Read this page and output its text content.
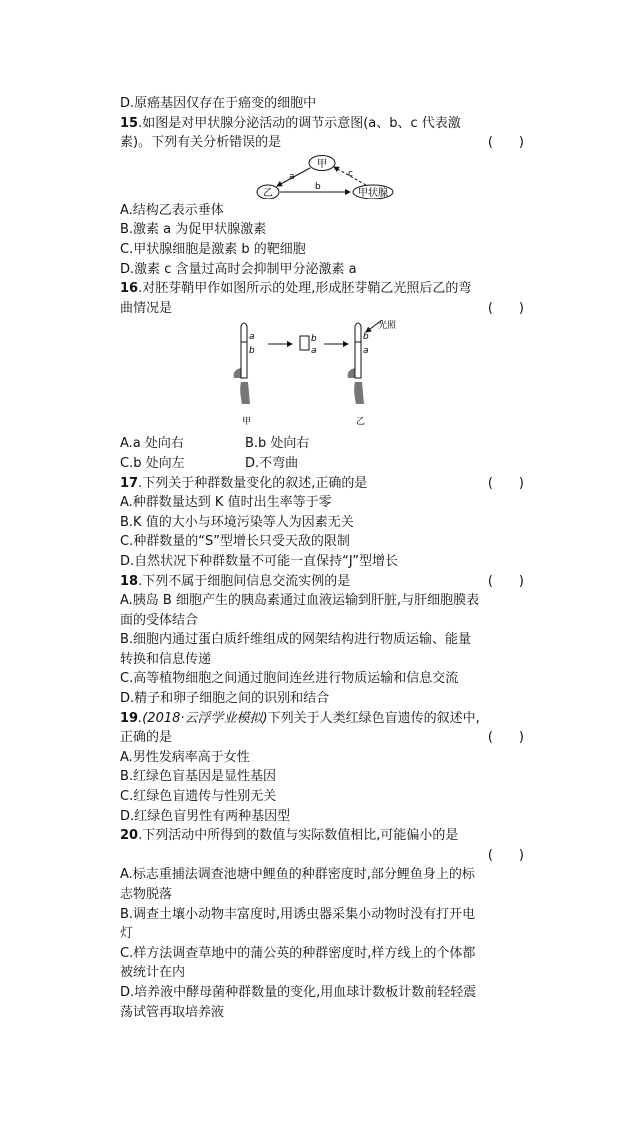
D.原癌基因仅存在于癌变的细胞中
15.如图是对甲状腺分泌活动的调节示意图(a、b、c 代表激
素)。下列有关分析错误的是	(　　)
甲
乙	甲状腺
a
b
c
A.结构乙表示垂体
B.激素 a 为促甲状腺激素
C.甲状腺细胞是激素 b 的靶细胞
D.激素 c 含量过高时会抑制甲分泌激素 a
16.对胚芽鞘甲作如图所示的处理,形成胚芽鞘乙光照后乙的弯
曲情况是	(　　)
a
b
甲
b
a
b
a
乙
光照
A.a 处向右	B.b 处向右
C.b 处向左	D.不弯曲
17.下列关于种群数量变化的叙述,正确的是	(　　)
A.种群数量达到 K 值时出生率等于零
B.K 值的大小与环境污染等人为因素无关
C.种群数量的“S”型增长只受天敌的限制
D.自然状况下种群数量不可能一直保持“J”型增长
18.下列不属于细胞间信息交流实例的是	(　　)
A.胰岛 B 细胞产生的胰岛素通过血液运输到肝脏,与肝细胞膜表
面的受体结合
B.细胞内通过蛋白质纤维组成的网架结构进行物质运输、能量
转换和信息传递
C.高等植物细胞之间通过胞间连丝进行物质运输和信息交流
D.精子和卵子细胞之间的识别和结合
19.(2018·云浮学业模拟)下列关于人类红绿色盲遗传的叙述中,
正确的是	(　　)
A.男性发病率高于女性
B.红绿色盲基因是显性基因
C.红绿色盲遗传与性别无关
D.红绿色盲男性有两种基因型
20.下列活动中所得到的数值与实际数值相比,可能偏小的是
(　　)

A.标志重捕法调查池塘中鲤鱼的种群密度时,部分鲤鱼身上的标
志物脱落
B.调查土壤小动物丰富度时,用诱虫器采集小动物时没有打开电
灯
C.样方法调查草地中的蒲公英的种群密度时,样方线上的个体都
被统计在内
D.培养液中酵母菌种群数量的变化,用血球计数板计数前轻轻震
荡试管再取培养液
